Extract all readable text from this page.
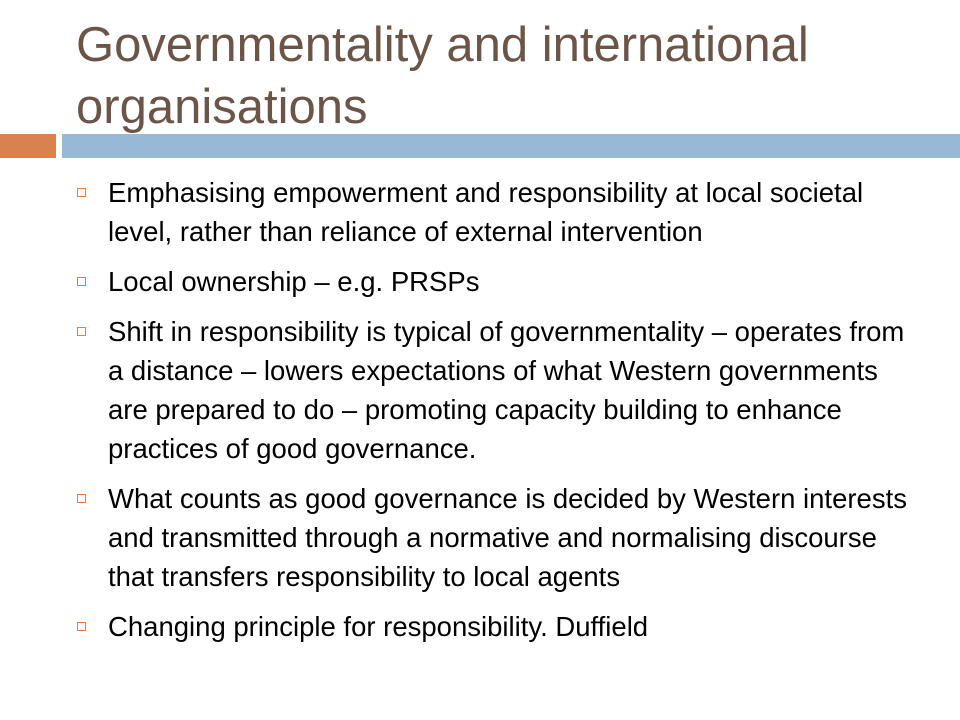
Governmentality and international organisations
Emphasising empowerment and responsibility at local societal level, rather than reliance of external intervention
Local ownership – e.g. PRSPs
Shift in responsibility is typical of governmentality – operates from a distance – lowers expectations of what Western governments are prepared to do – promoting capacity building to enhance practices of good governance.
What counts as good governance is decided by Western interests and transmitted through a normative and normalising discourse that transfers responsibility to local agents
Changing principle for responsibility. Duffield
